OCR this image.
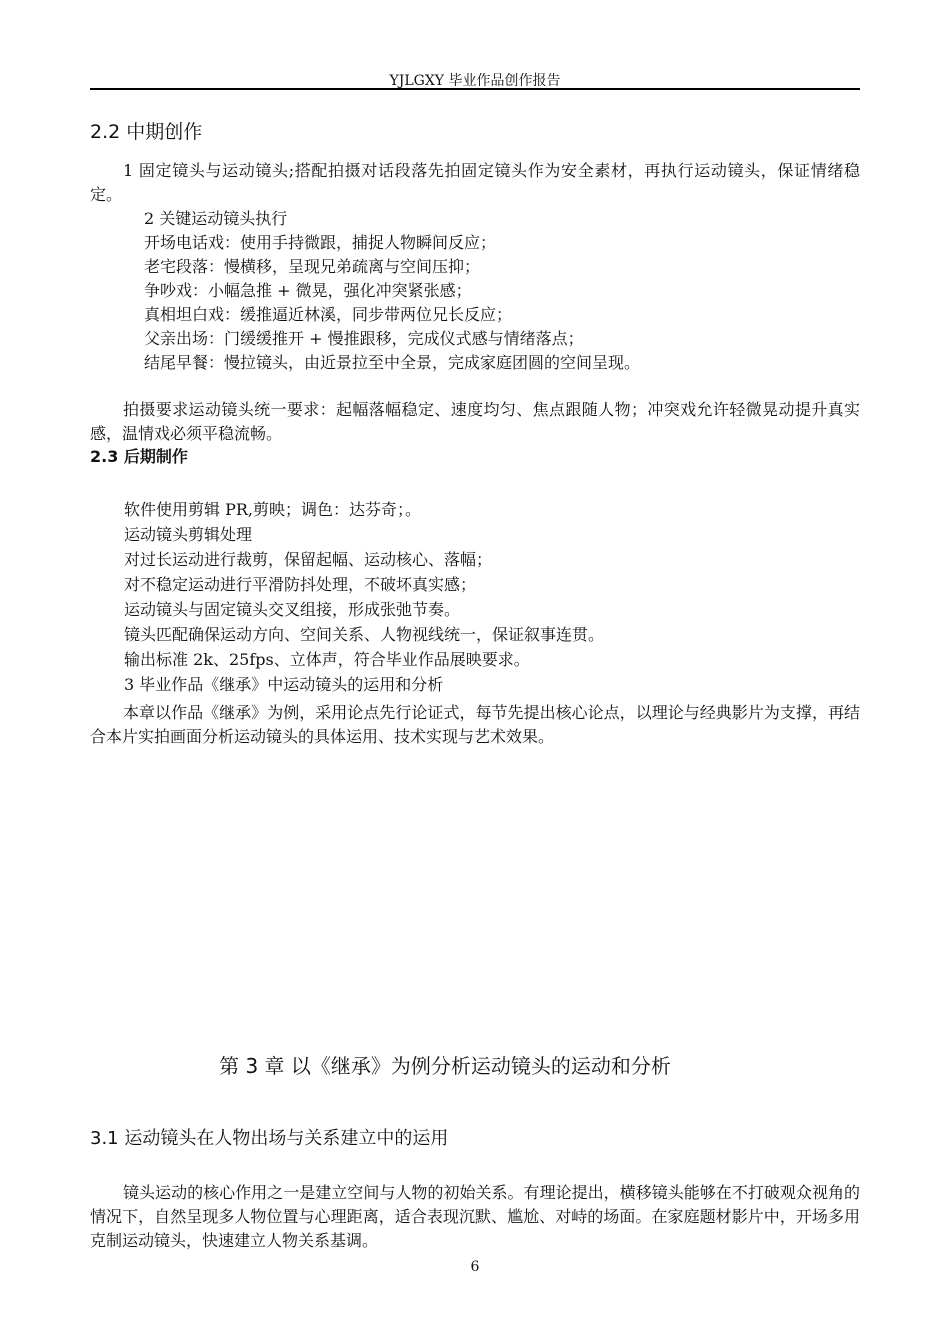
YJLGXY 毕业作品创作报告
2.2 中期创作
1 固定镜头与运动镜头;搭配拍摄对话段落先拍固定镜头作为安全素材，再执行运动镜头，保证情绪稳定。
2 关键运动镜头执行
开场电话戏：使用手持微跟，捕捉人物瞬间反应；
老宅段落：慢横移，呈现兄弟疏离与空间压抑；
争吵戏：小幅急推 + 微晃，强化冲突紧张感；
真相坦白戏：缓推逼近林溪，同步带两位兄长反应；
父亲出场：门缓缓推开 + 慢推跟移，完成仪式感与情绪落点；
结尾早餐：慢拉镜头，由近景拉至中全景，完成家庭团圆的空间呈现。
拍摄要求运动镜头统一要求：起幅落幅稳定、速度均匀、焦点跟随人物；冲突戏允许轻微晃动提升真实感，温情戏必须平稳流畅。
2.3 后期制作
软件使用剪辑 PR,剪映；调色：达芬奇；。
运动镜头剪辑处理
对过长运动进行裁剪，保留起幅、运动核心、落幅；
对不稳定运动进行平滑防抖处理，不破坏真实感；
运动镜头与固定镜头交叉组接，形成张弛节奏。
镜头匹配确保运动方向、空间关系、人物视线统一，保证叙事连贯。
输出标准 2k、25fps、立体声，符合毕业作品展映要求。
3 毕业作品《继承》中运动镜头的运用和分析
本章以作品《继承》为例，采用论点先行论证式，每节先提出核心论点，以理论与经典影片为支撑，再结合本片实拍画面分析运动镜头的具体运用、技术实现与艺术效果。
第 3 章 以《继承》为例分析运动镜头的运动和分析
3.1 运动镜头在人物出场与关系建立中的运用
镜头运动的核心作用之一是建立空间与人物的初始关系。有理论提出，横移镜头能够在不打破观众视角的情况下，自然呈现多人物位置与心理距离，适合表现沉默、尴尬、对峙的场面。在家庭题材影片中，开场多用克制运动镜头，快速建立人物关系基调。
6
